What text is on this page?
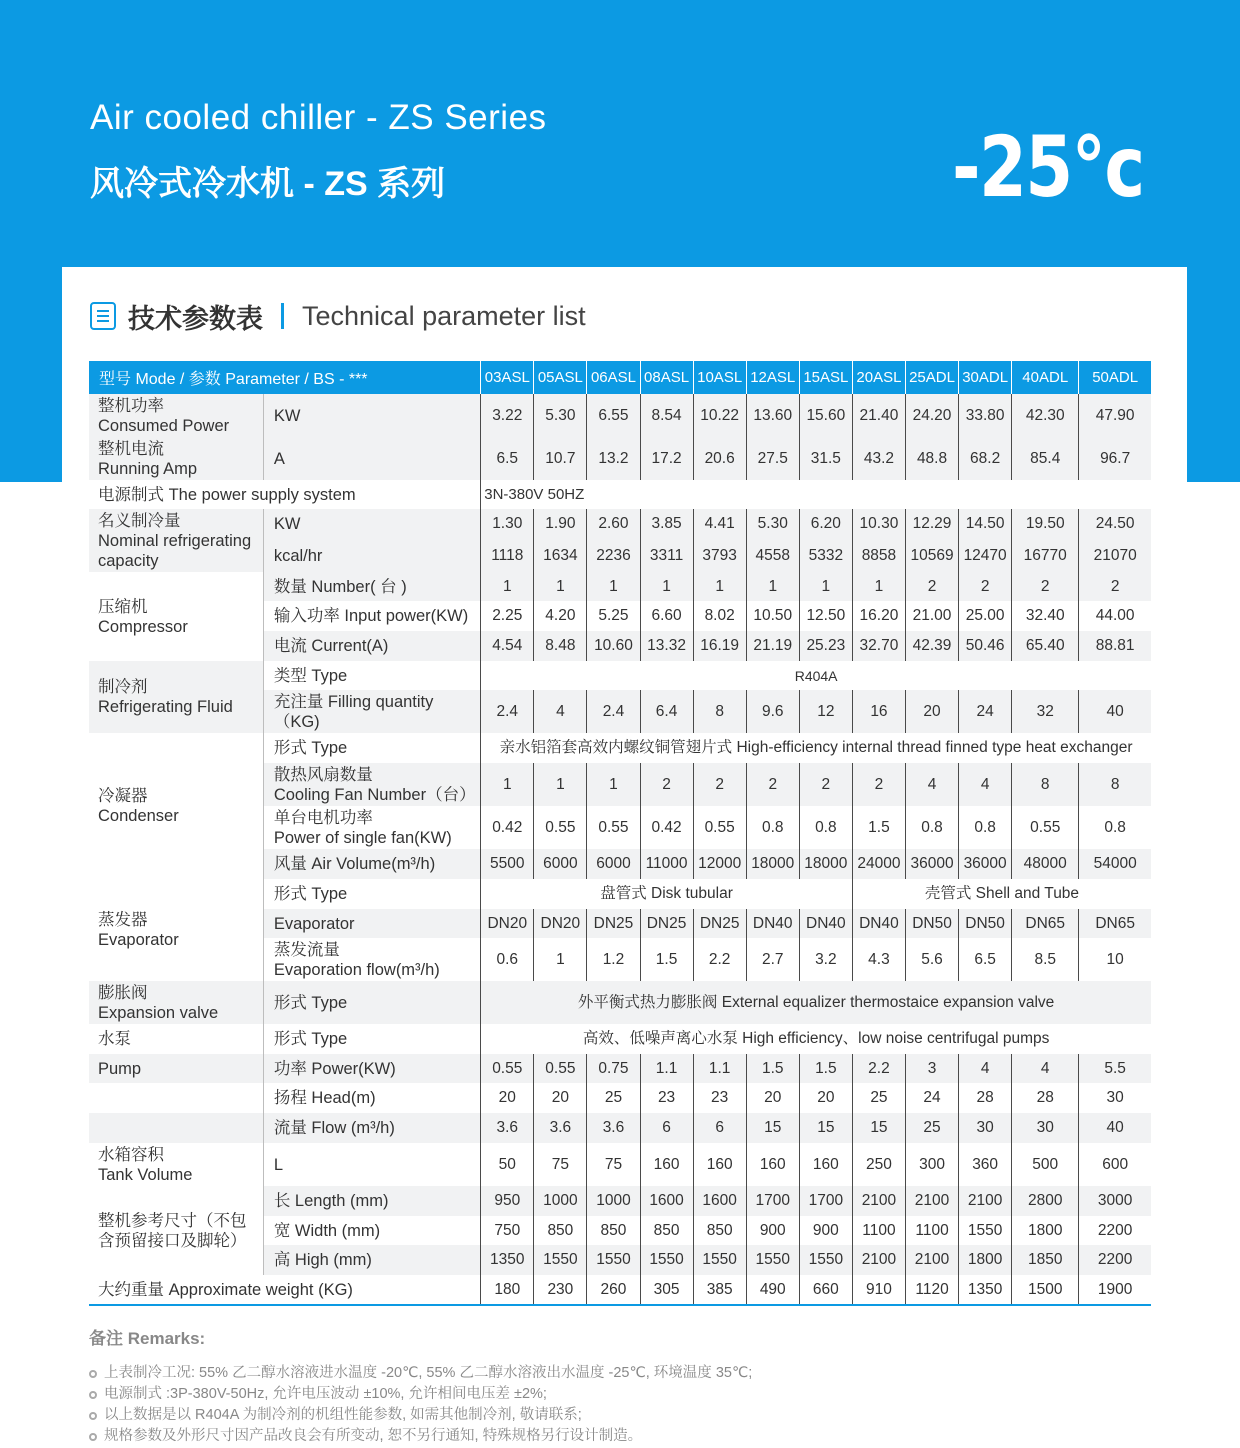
Air cooled chiller - ZS Series
风冷式冷水机 - ZS 系列	-25°c
技术参数表 Technical parameter list
型号 Mode / 参数 Parameter / BS - ***		03ASL	05ASL	06ASL	08ASL	10ASL	12ASL	15ASL	20ASL	25ADL	30ADL	40ADL	50ADL

整机功率
Consumed Power	KW	3.22	5.30	6.55	8.54	10.22	13.60	15.60	21.40	24.20	33.80	42.30	47.90

整机电流
Running Amp	A	6.5	10.7	13.2	17.2	20.6	27.5	31.5	43.2	48.8	68.2	85.4	96.7
电源制式 The power supply system		3N-380V 50HZ											

名义制冷量
Nominal refrigerating capacity	KW	1.30	1.90	2.60	3.85	4.41	5.30	6.20	10.30	12.29	14.50	19.50	24.50
	kcal/hr	1118	1634	2236	3311	3793	4558	5332	8858	10569	12470	16770	21070

压缩机
Compressor	数量 Number( 台 )	1	1	1	1	1	1	1	1	2	2	2	2
	输入功率 Input power(KW)	2.25	4.20	5.25	6.60	8.02	10.50	12.50	16.20	21.00	25.00	32.40	44.00
	电流 Current(A)	4.54	8.48	10.60	13.32	16.19	21.19	25.23	32.70	42.39	50.46	65.40	88.81

制冷剂
Refrigerating Fluid	类型 Type	R404A											
	充注量 Filling quantity （KG)	2.4	4	2.4	6.4	8	9.6	12	16	20	24	32	40

冷凝器
Condenser	形式 Type	亲水铝箔套高效内螺纹铜管翅片式 High-efficiency internal thread finned type heat exchanger											

	散热风扇数量
Cooling Fan Number（台）	1	1	1	2	2	2	2	2	4	4	8	8

	单台电机功率
Power of single fan(KW)	0.42	0.55	0.55	0.42	0.55	0.8	0.8	1.5	0.8	0.8	0.55	0.8
	风量 Air Volume(m³/h)	5500	6000	6000	11000	12000	18000	18000	24000	36000	36000	48000	54000

蒸发器
Evaporator	形式 Type	盘管式 Disk tubular							壳管式 Shell and Tube				
	Evaporator	DN20	DN20	DN25	DN25	DN25	DN40	DN40	DN40	DN50	DN50	DN65	DN65

	蒸发流量
Evaporation flow(m³/h)	0.6	1	1.2	1.5	2.2	2.7	3.2	4.3	5.6	6.5	8.5	10

膨胀阀
Expansion valve	形式 Type	外平衡式热力膨胀阀 External equalizer thermostaice expansion valve											
水泵	形式 Type	高效、低噪声离心水泵 High efficiency、low noise centrifugal pumps											
Pump	功率 Power(KW)	0.55	0.55	0.75	1.1	1.1	1.5	1.5	2.2	3	4	4	5.5
	扬程 Head(m)	20	20	25	23	23	20	20	25	24	28	28	30
	流量 Flow (m³/h)	3.6	3.6	3.6	6	6	15	15	15	25	30	30	40

水箱容积
Tank Volume	L	50	75	75	160	160	160	160	250	300	360	500	600
整机参考尺寸（不包含预留接口及脚轮）	长 Length (mm)	950	1000	1000	1600	1600	1700	1700	2100	2100	2100	2800	3000
	宽 Width (mm)	750	850	850	850	850	900	900	1100	1100	1550	1800	2200
	高 High (mm)	1350	1550	1550	1550	1550	1550	1550	2100	2100	1800	1850	2200
大约重量 Approximate weight (KG)		180	230	260	305	385	490	660	910	1120	1350	1500	1900
备注 Remarks:
上表制冷工况: 55% 乙二醇水溶液进水温度 -20℃, 55% 乙二醇水溶液出水温度 -25℃, 环境温度 35℃;
电源制式 :3P-380V-50Hz, 允许电压波动 ±10%, 允许相间电压差 ±2%;
以上数据是以 R404A 为制冷剂的机组性能参数, 如需其他制冷剂, 敬请联系;
规格参数及外形尺寸因产品改良会有所变动, 恕不另行通知, 特殊规格另行设计制造。
